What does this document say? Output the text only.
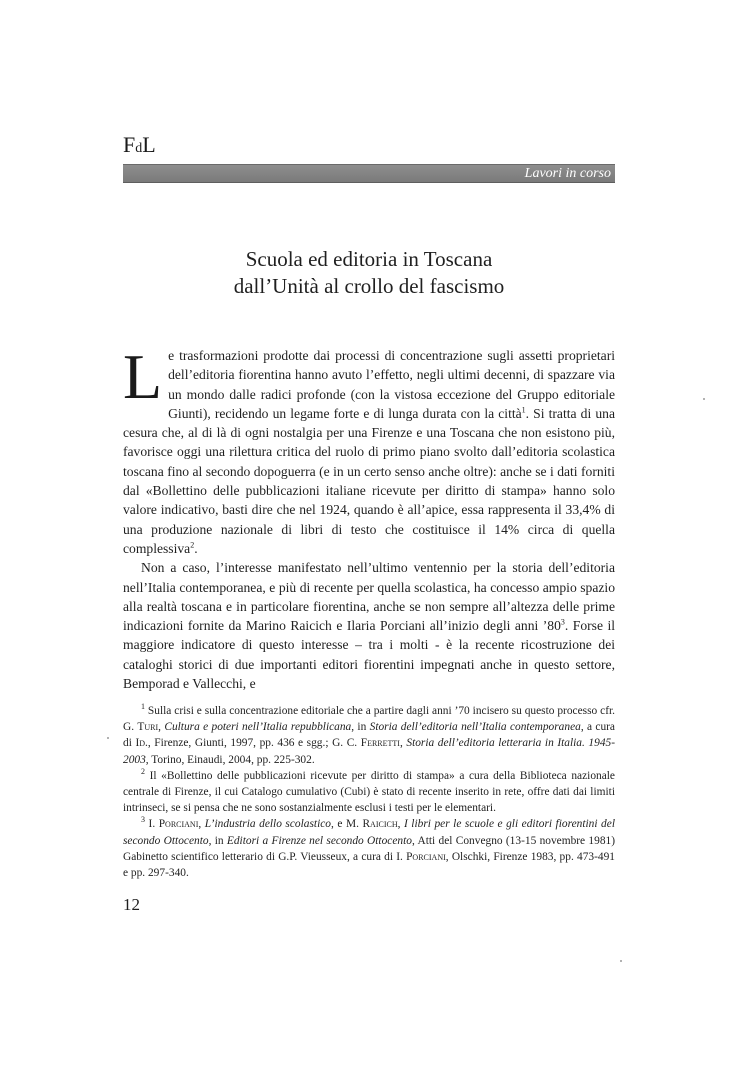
FdL
Lavori in corso
Scuola ed editoria in Toscana
dall’Unità al crollo del fascismo

Le trasformazioni prodotte dai processi di concentrazione sugli assetti proprietari dell’editoria fiorentina hanno avuto l’effetto, negli ultimi decenni, di spazzare via un mondo dalle radici profonde (con la vistosa eccezione del Gruppo editoriale Giunti), recidendo un legame forte e di lunga durata con la città$^1$. Si tratta di una cesura che, al di là di ogni nostalgia per una Firenze e una Toscana che non esistono più, favorisce oggi una rilettura critica del ruolo di primo piano svolto dall’editoria scolastica toscana fino al secondo dopoguerra (e in un certo senso anche oltre): anche se i dati forniti dal «Bollettino delle pubblicazioni italiane ricevute per diritto di stampa» hanno solo valore indicativo, basti dire che nel 1924, quando è all’apice, essa rappresenta il 33,4% di una produzione nazionale di libri di testo che costituisce il 14% circa di quella complessiva$^2$.

Non a caso, l’interesse manifestato nell’ultimo ventennio per la storia dell’editoria nell’Italia contemporanea, e più di recente per quella scolastica, ha concesso ampio spazio alla realtà toscana e in particolare fiorentina, anche se non sempre all’altezza delle prime indicazioni fornite da Marino Raicich e Ilaria Porciani all’inizio degli anni $’80^3$. Forse il maggiore indicatore di questo interesse – tra i molti - è la recente ricostruzione dei cataloghi storici di due importanti editori fiorentini impegnati anche in questo settore, Bemporad e Vallecchi, e

$^1$ Sulla crisi e sulla concentrazione editoriale che a partire dagli anni ’70 incisero su questo processo cfr. G. Turi, Cultura e poteri nell’Italia repubblicana, in Storia dell’editoria nell’Italia contemporanea, a cura di Id., Firenze, Giunti, 1997, pp. 436 e sgg.; G. C. Ferretti, Storia dell’editoria letteraria in Italia. 1945-2003, Torino, Einaudi, 2004, pp. 225-302.

$^2$ Il «Bollettino delle pubblicazioni ricevute per diritto di stampa» a cura della Biblioteca nazionale centrale di Firenze, il cui Catalogo cumulativo (Cubi) è stato di recente inserito in rete, offre dati dai limiti intrinseci, se si pensa che ne sono sostanzialmente esclusi i testi per le elementari.

$^3$ I. Porciani, L’industria dello scolastico, e M. Raicich, I libri per le scuole e gli editori fiorentini del secondo Ottocento, in Editori a Firenze nel secondo Ottocento, Atti del Convegno (13-15 novembre 1981) Gabinetto scientifico letterario di G.P. Vieusseux, a cura di I. Porciani, Olschki, Firenze 1983, pp. 473-491 e pp. 297-340.

12
